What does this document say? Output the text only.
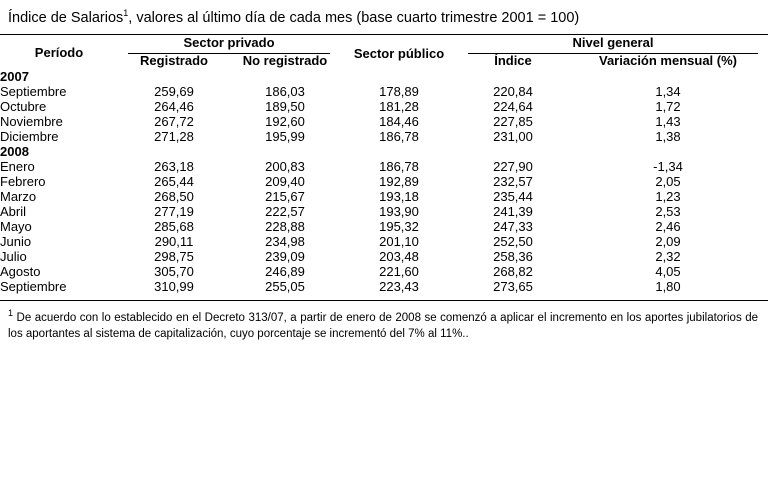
Índice de Salarios$^1$, valores al último día de cada mes (base cuarto trimestre 2001 = 100)
Período	Sector privado		Sector público	Nivel general	

	Registrado	No registrado		Índice	Variación mensual (%)
2007					
Septiembre	259,69	186,03	178,89	220,84	1,34
Octubre	264,46	189,50	181,28	224,64	1,72
Noviembre	267,72	192,60	184,46	227,85	1,43
Diciembre	271,28	195,99	186,78	231,00	1,38
2008					
Enero	263,18	200,83	186,78	227,90	-1,34
Febrero	265,44	209,40	192,89	232,57	2,05
Marzo	268,50	215,67	193,18	235,44	1,23
Abril	277,19	222,57	193,90	241,39	2,53
Mayo	285,68	228,88	195,32	247,33	2,46
Junio	290,11	234,98	201,10	252,50	2,09
Julio	298,75	239,09	203,48	258,36	2,32
Agosto	305,70	246,89	221,60	268,82	4,05
Septiembre	310,99	255,05	223,43	273,65	1,80
$^1$ De acuerdo con lo establecido en el Decreto 313/07, a partir de enero de 2008 se comenzó a aplicar el incremento en los aportes jubilatorios de los aportantes al sistema de capitalización, cuyo porcentaje se incrementó del 7% al 11%..
